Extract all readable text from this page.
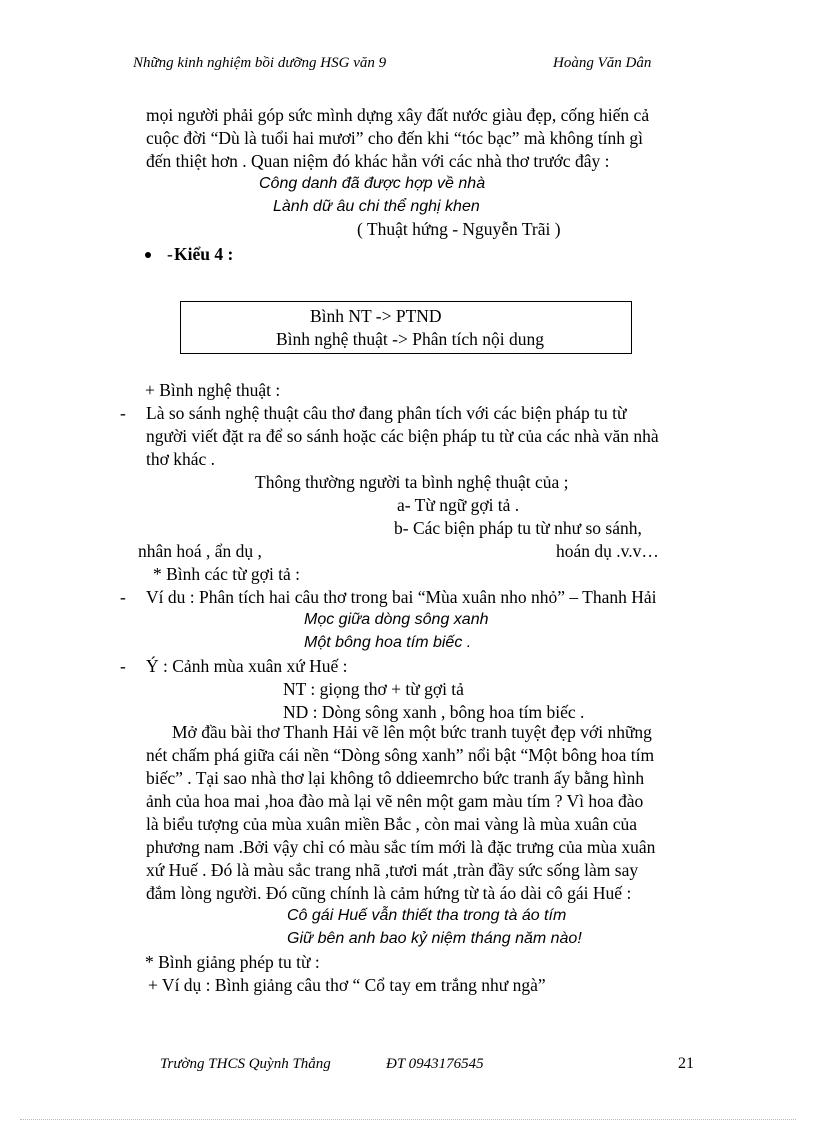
Những kinh nghiệm bồi dưỡng HSG văn 9	Hoàng Văn Dân
mọi người phải góp sức mình dựng xây đất nước giàu đẹp, cống hiến cả
cuộc đời “Dù là tuổi hai mươi” cho đến khi “tóc bạc” mà không tính gì
đến thiệt hơn . Quan niệm đó khác hẳn với các nhà thơ trước đây :
Công danh đã được hợp về nhà
Lành dữ âu chi thể nghị khen
( Thuật hứng - Nguyễn Trãi )
- Kiểu 4 :
Bình NT -> PTND
Bình nghệ thuật -> Phân tích nội dung
+ Bình nghệ thuật :
- Là so sánh nghệ thuật câu thơ đang phân tích với các biện pháp tu từ
người viết đặt ra để so sánh hoặc các biện pháp tu từ của các nhà văn nhà
thơ khác .
Thông thường người ta bình nghệ thuật của ;
a- Từ ngữ gợi tả .
b- Các biện pháp tu từ như so sánh,
nhân hoá , ẩn dụ ,	hoán dụ .v.v…
* Bình các từ gợi tả :
- Ví du : Phân tích hai câu thơ trong bai “Mùa xuân nho nhỏ” – Thanh Hải
Mọc giữa dòng sông xanh
Một bông hoa tím biếc .
- Ý : Cảnh mùa xuân xứ Huế :
NT : giọng thơ + từ gợi tả
ND : Dòng sông xanh , bông hoa tím biếc .
Mở đầu bài thơ Thanh Hải vẽ lên một bức tranh tuyệt đẹp với những
nét chấm phá giữa cái nền “Dòng sông xanh” nổi bật “Một bông hoa tím
biếc” . Tại sao nhà thơ lại không tô ddieemrcho bức tranh ấy bằng hình
ảnh của hoa mai ,hoa đào mà lại vẽ nên một gam màu tím ? Vì hoa đào
là biểu tượng của mùa xuân miền Bắc , còn mai vàng là mùa xuân của
phương nam .Bởi vậy chỉ có màu sắc tím mới là đặc trưng của mùa xuân
xứ Huế . Đó là màu sắc trang nhã ,tươi mát ,tràn đầy sức sống làm say
đắm lòng người. Đó cũng chính là cảm hứng từ tà áo dài cô gái Huế :
Cô gái Huế vẫn thiết tha trong tà áo tím
Giữ bên anh bao kỷ niệm tháng năm nào!
* Bình giảng phép tu từ :
+ Ví dụ : Bình giảng câu thơ “ Cổ tay em trắng như ngà”
Trường THCS Quỳnh Thắng	ĐT 0943176545	21
